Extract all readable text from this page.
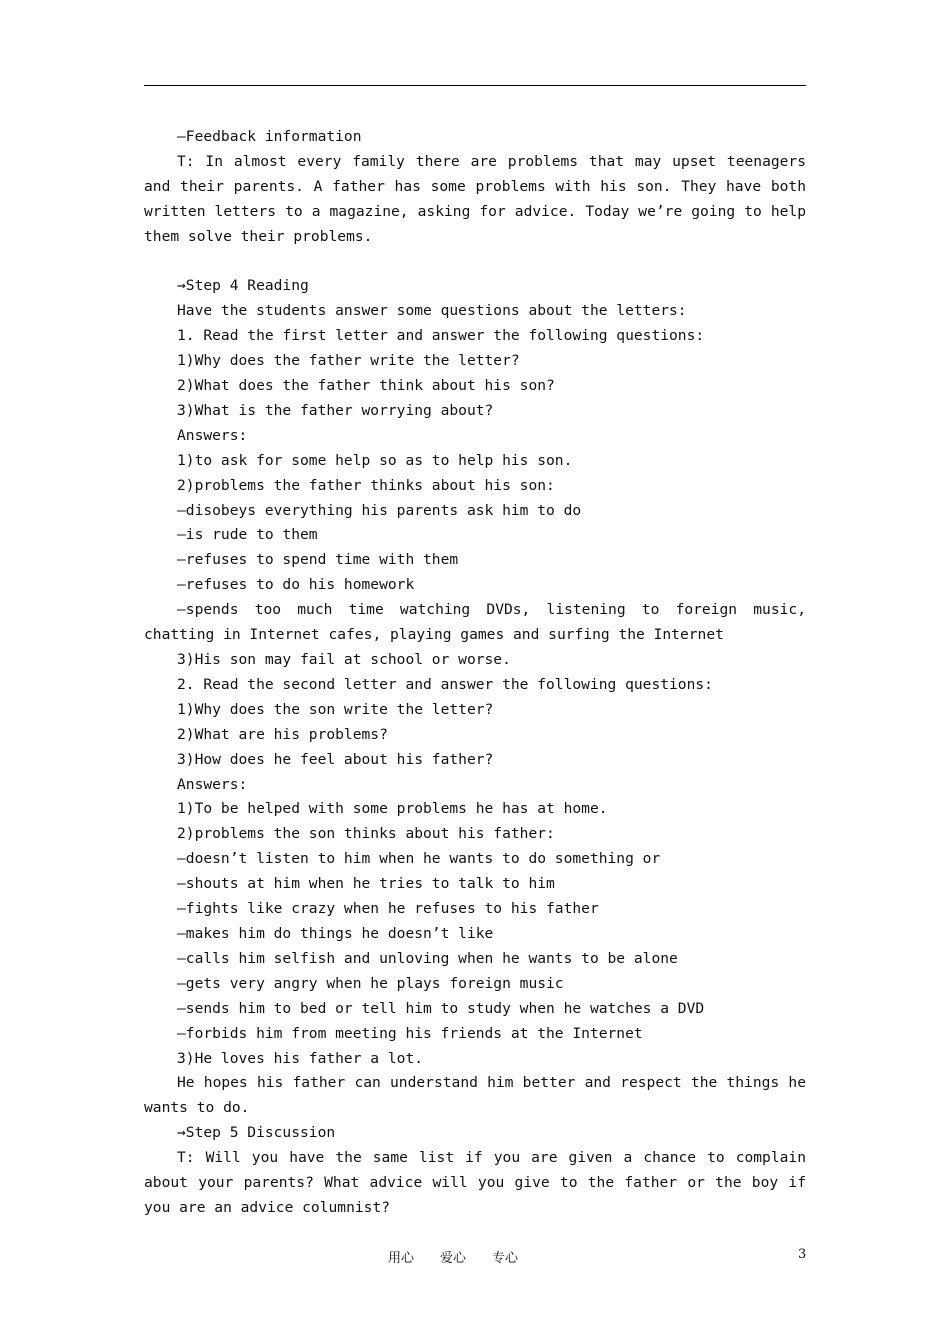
—Feedback information

T: In almost every family there are problems that may upset teenagers and their parents. A father has some problems with his son. They have both written letters to a magazine, asking for advice. Today we’re going to help them solve their problems.

→Step 4 Reading

Have the students answer some questions about the letters:

1. Read the first letter and answer the following questions:

1)Why does the father write the letter?

2)What does the father think about his son?

3)What is the father worrying about?

Answers:

1)to ask for some help so as to help his son.

2)problems the father thinks about his son:

—disobeys everything his parents ask him to do

—is rude to them

—refuses to spend time with them

—refuses to do his homework

—spends too much time watching DVDs, listening to foreign music, chatting in Internet cafes, playing games and surfing the Internet

3)His son may fail at school or worse.

2. Read the second letter and answer the following questions:

1)Why does the son write the letter?

2)What are his problems?

3)How does he feel about his father?

Answers:

1)To be helped with some problems he has at home.

2)problems the son thinks about his father:

—doesn’t listen to him when he wants to do something or

—shouts at him when he tries to talk to him

—fights like crazy when he refuses to his father

—makes him do things he doesn’t like

—calls him selfish and unloving when he wants to be alone

—gets very angry when he plays foreign music

—sends him to bed or tell him to study when he watches a DVD

—forbids him from meeting his friends at the Internet

3)He loves his father a lot.

He hopes his father can understand him better and respect the things he wants to do.

→Step 5 Discussion

T: Will you have the same list if you are given a chance to complain about your parents? What advice will you give to the father or the boy if you are an advice columnist?

用心　　爱心　　专心	3
